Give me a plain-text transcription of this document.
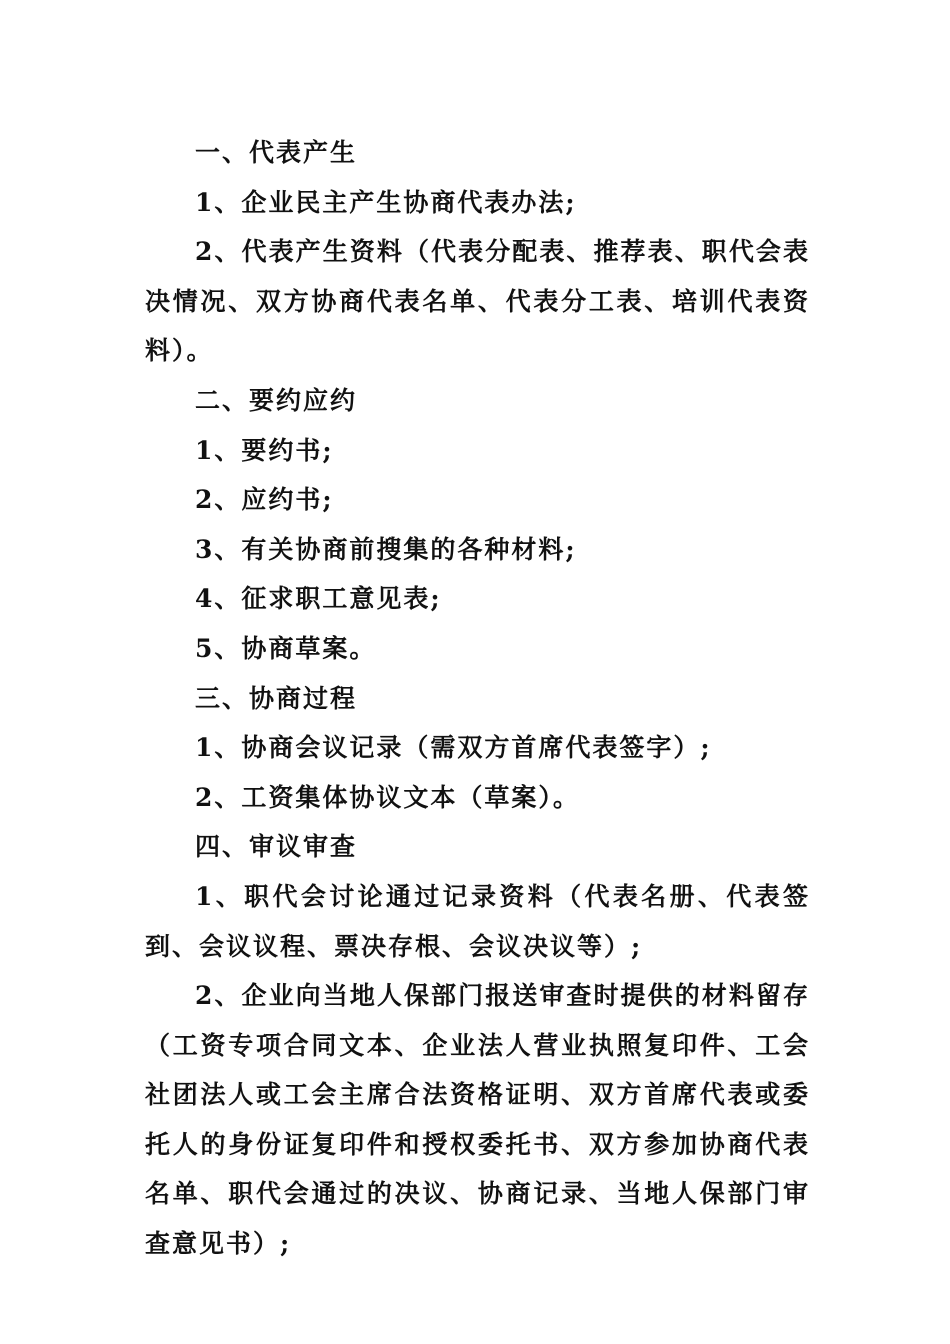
一、代表产生

1、企业民主产生协商代表办法;

2、代表产生资料（代表分配表、推荐表、职代会表决情况、双方协商代表名单、代表分工表、培训代表资料）。

二、要约应约

1、要约书;

2、应约书;

3、有关协商前搜集的各种材料;

4、征求职工意见表;

5、协商草案。

三、协商过程

1、协商会议记录（需双方首席代表签字）;

2、工资集体协议文本（草案）。

四、审议审查

1、职代会讨论通过记录资料（代表名册、代表签到、会议议程、票决存根、会议决议等）;

2、企业向当地人保部门报送审查时提供的材料留存（工资专项合同文本、企业法人营业执照复印件、工会社团法人或工会主席合法资格证明、双方首席代表或委托人的身份证复印件和授权委托书、双方参加协商代表名单、职代会通过的决议、协商记录、当地人保部门审查意见书）;
